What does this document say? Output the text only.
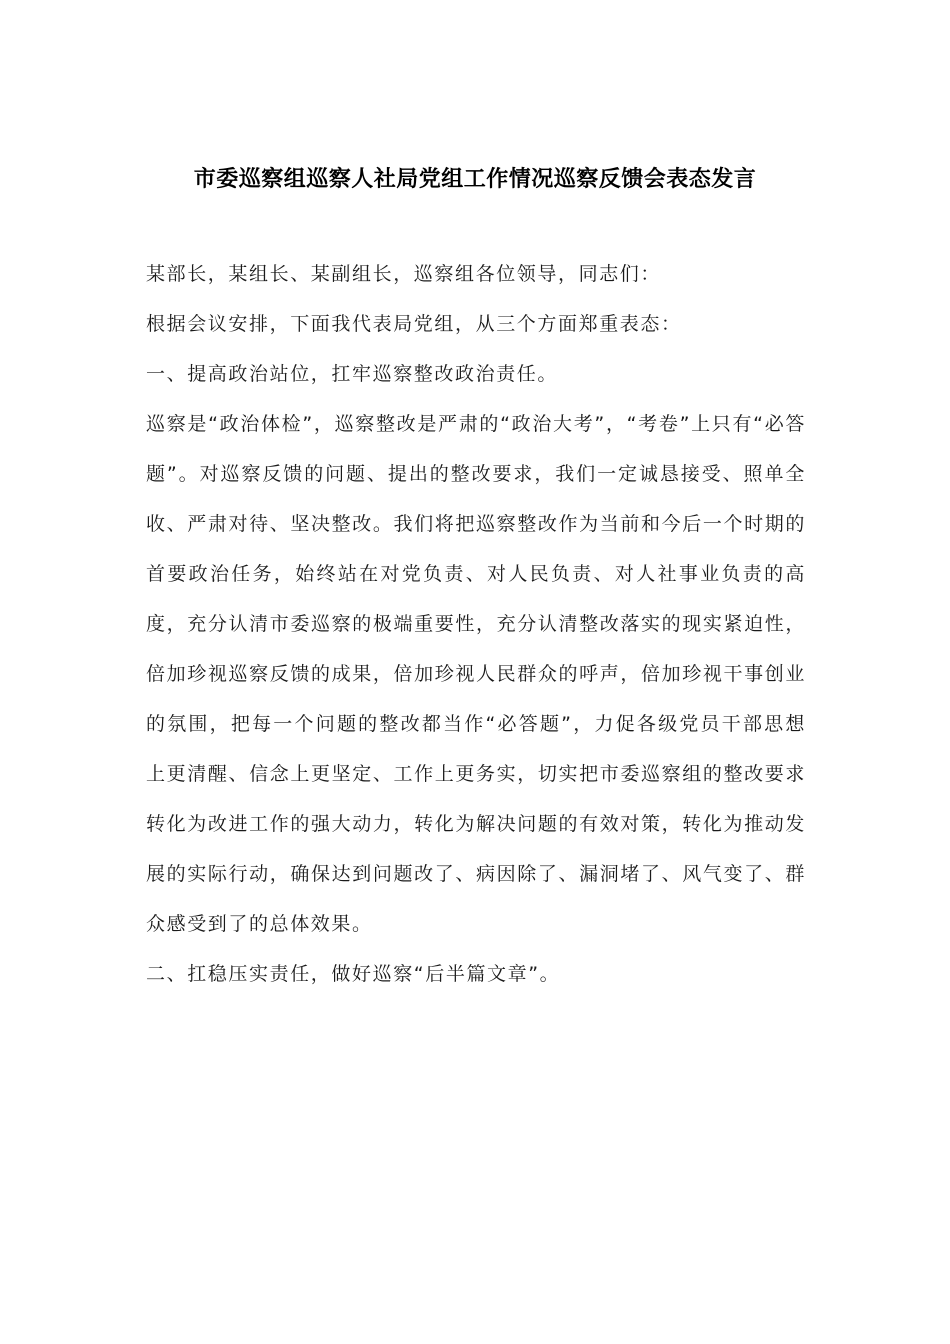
市委巡察组巡察人社局党组工作情况巡察反馈会表态发言

某部长，某组长、某副组长，巡察组各位领导，同志们：

根据会议安排，下面我代表局党组，从三个方面郑重表态：

一、提高政治站位，扛牢巡察整改政治责任。

巡察是“政治体检”，巡察整改是严肃的“政治大考”，“考卷”上只有“必答题”。对巡察反馈的问题、提出的整改要求，我们一定诚恳接受、照单全收、严肃对待、坚决整改。我们将把巡察整改作为当前和今后一个时期的首要政治任务，始终站在对党负责、对人民负责、对人社事业负责的高度，充分认清市委巡察的极端重要性，充分认清整改落实的现实紧迫性，倍加珍视巡察反馈的成果，倍加珍视人民群众的呼声，倍加珍视干事创业的氛围，把每一个问题的整改都当作“必答题”，力促各级党员干部思想上更清醒、信念上更坚定、工作上更务实，切实把市委巡察组的整改要求转化为改进工作的强大动力，转化为解决问题的有效对策，转化为推动发展的实际行动，确保达到问题改了、病因除了、漏洞堵了、风气变了、群众感受到了的总体效果。

二、扛稳压实责任，做好巡察“后半篇文章”。
